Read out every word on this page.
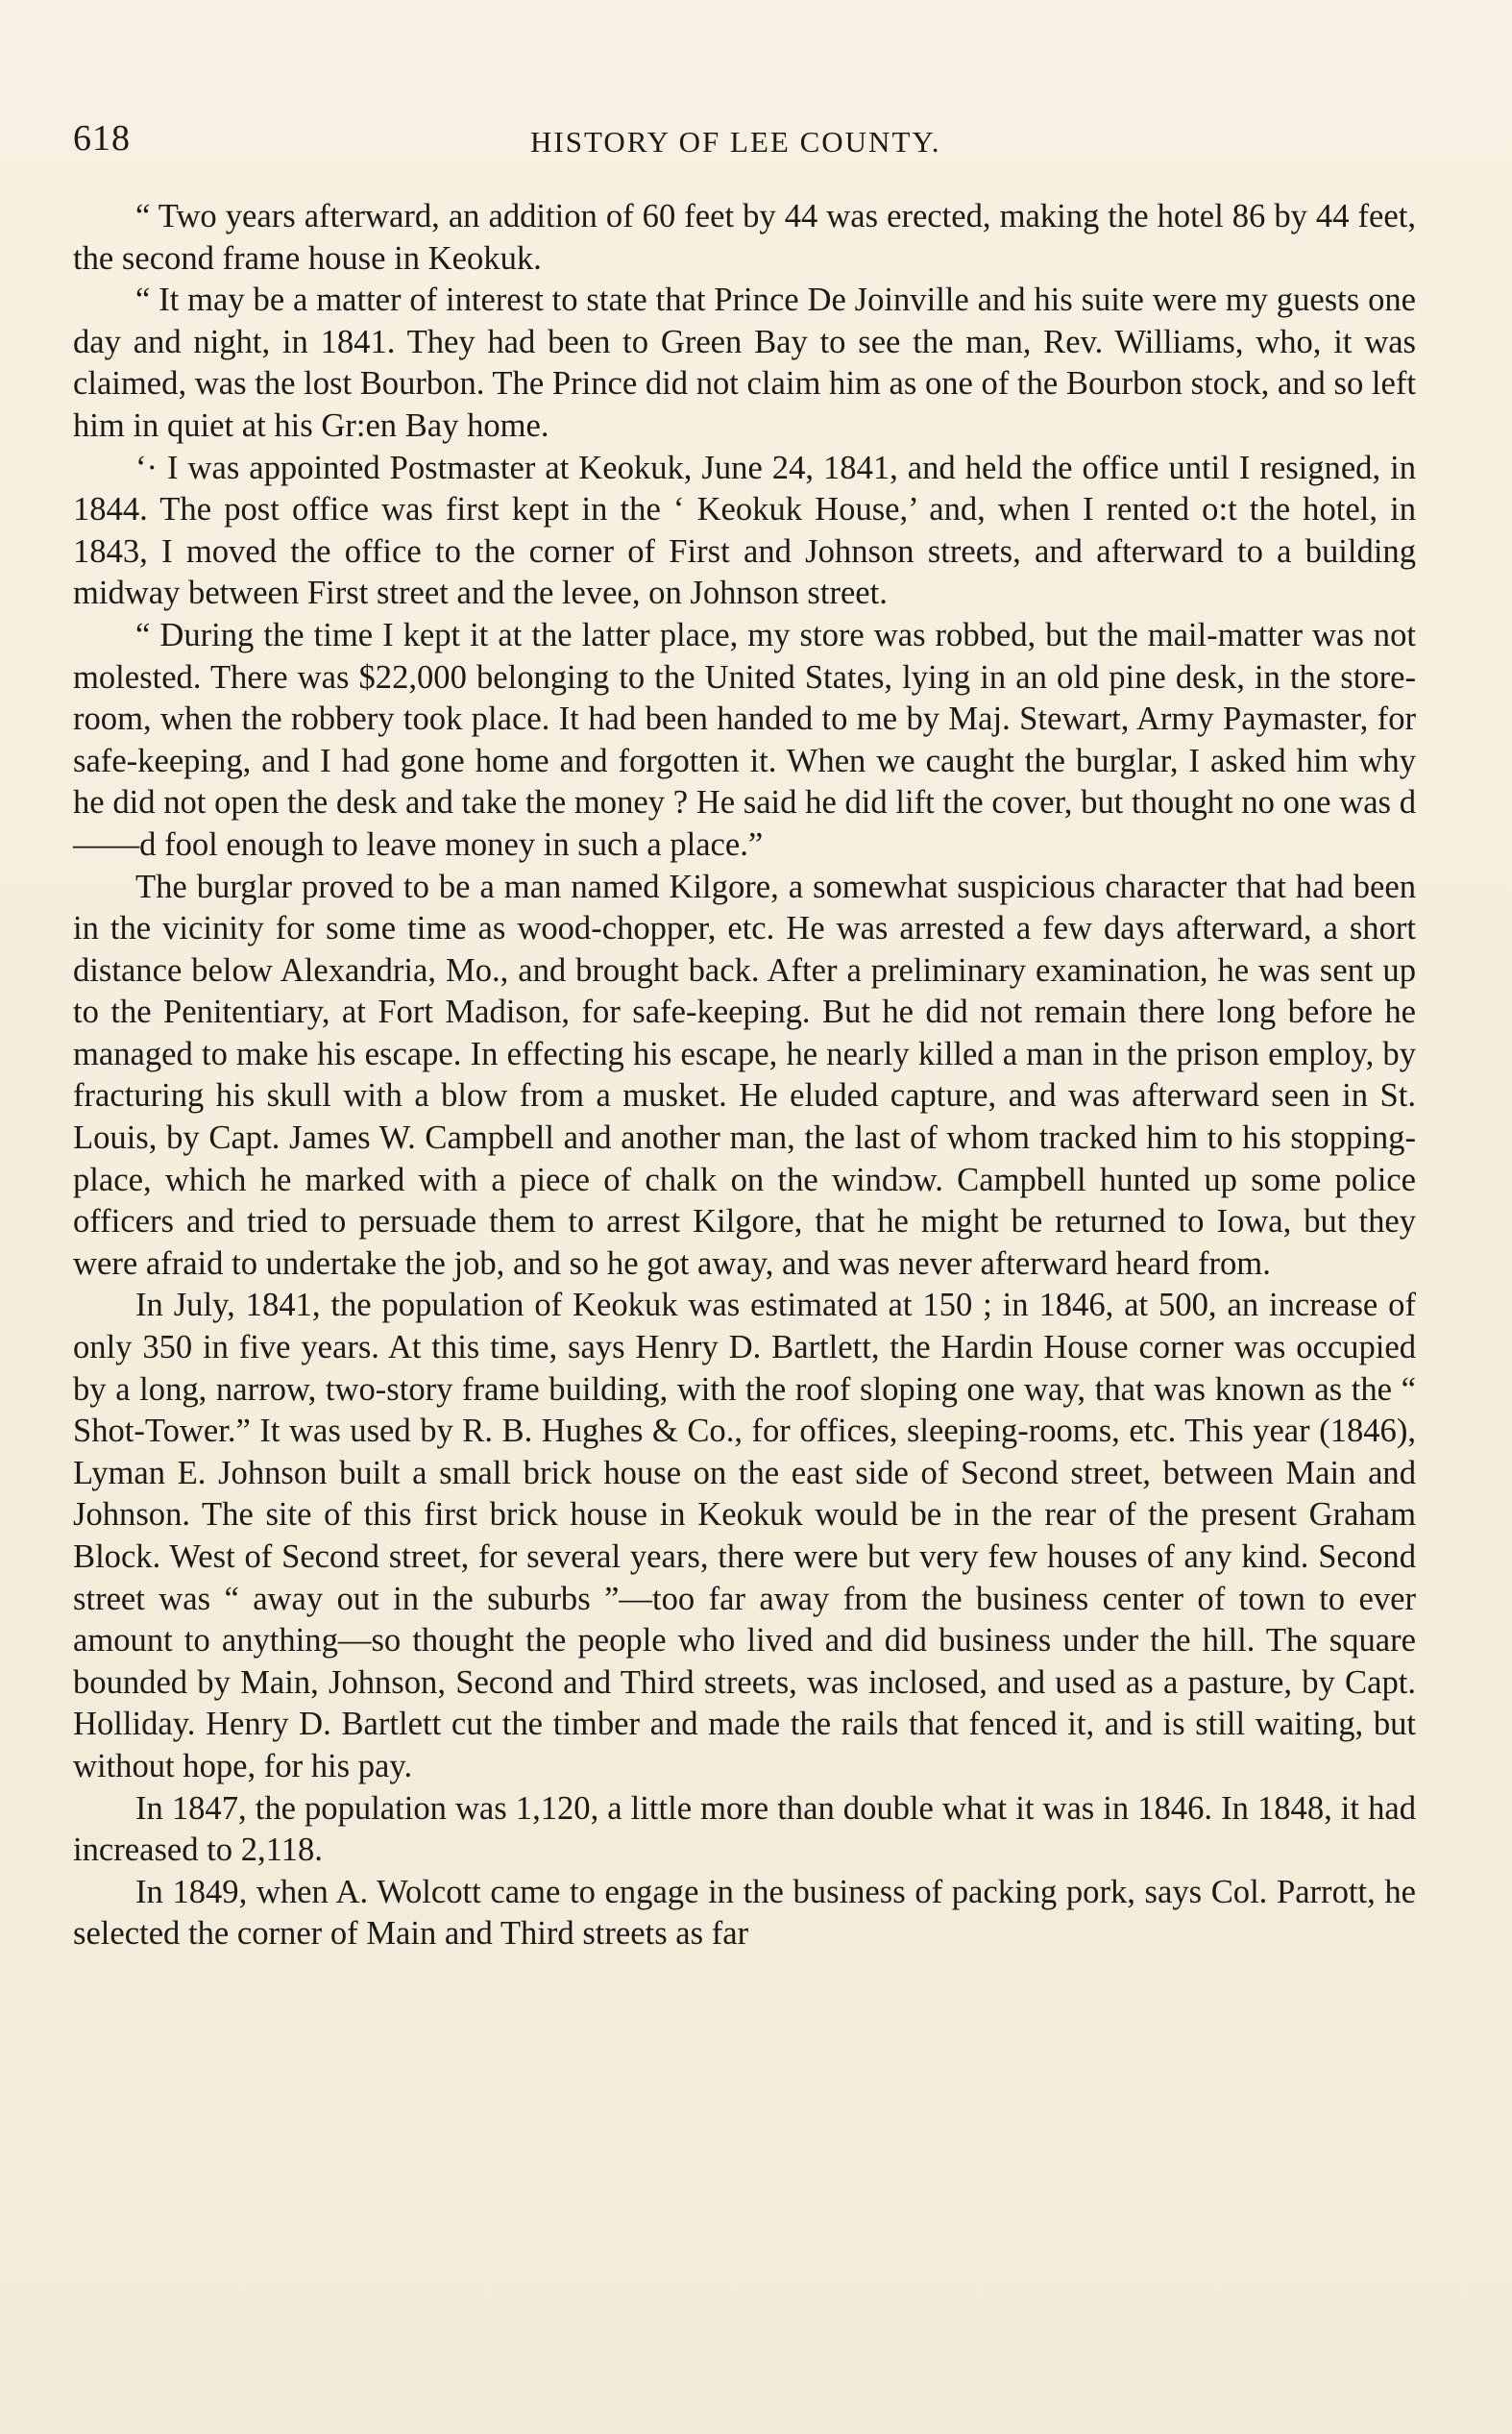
618	HISTORY OF LEE COUNTY.

“ Two years afterward, an addition of 60 feet by 44 was erected, making the hotel 86 by 44 feet, the second frame house in Keokuk.

“ It may be a matter of interest to state that Prince De Joinville and his suite were my guests one day and night, in 1841. They had been to Green Bay to see the man, Rev. Williams, who, it was claimed, was the lost Bourbon. The Prince did not claim him as one of the Bourbon stock, and so left him in quiet at his Gr:en Bay home.

‘· I was appointed Postmaster at Keokuk, June 24, 1841, and held the office until I resigned, in 1844. The post office was first kept in the ‘ Keokuk House,’ and, when I rented o:t the hotel, in 1843, I moved the office to the corner of First and Johnson streets, and afterward to a building midway between First street and the levee, on Johnson street.

“ During the time I kept it at the latter place, my store was robbed, but the mail-matter was not molested. There was $22,000 belonging to the United States, lying in an old pine desk, in the store-room, when the robbery took place. It had been handed to me by Maj. Stewart, Army Paymaster, for safe-keeping, and I had gone home and forgotten it. When we caught the burglar, I asked him why he did not open the desk and take the money ? He said he did lift the cover, but thought no one was d——d fool enough to leave money in such a place.”

The burglar proved to be a man named Kilgore, a somewhat suspicious character that had been in the vicinity for some time as wood-chopper, etc. He was arrested a few days afterward, a short distance below Alexandria, Mo., and brought back. After a preliminary examination, he was sent up to the Penitentiary, at Fort Madison, for safe-keeping. But he did not remain there long before he managed to make his escape. In effecting his escape, he nearly killed a man in the prison employ, by fracturing his skull with a blow from a musket. He eluded capture, and was afterward seen in St. Louis, by Capt. James W. Campbell and another man, the last of whom tracked him to his stopping-place, which he marked with a piece of chalk on the windɔw. Campbell hunted up some police officers and tried to persuade them to arrest Kilgore, that he might be returned to Iowa, but they were afraid to undertake the job, and so he got away, and was never afterward heard from.

In July, 1841, the population of Keokuk was estimated at 150 ; in 1846, at 500, an increase of only 350 in five years. At this time, says Henry D. Bartlett, the Hardin House corner was occupied by a long, narrow, two-story frame building, with the roof sloping one way, that was known as the “ Shot-Tower.” It was used by R. B. Hughes & Co., for offices, sleeping-rooms, etc. This year (1846), Lyman E. Johnson built a small brick house on the east side of Second street, between Main and Johnson. The site of this first brick house in Keokuk would be in the rear of the present Graham Block. West of Second street, for several years, there were but very few houses of any kind. Second street was “ away out in the suburbs ”—too far away from the business center of town to ever amount to anything—so thought the people who lived and did business under the hill. The square bounded by Main, Johnson, Second and Third streets, was inclosed, and used as a pasture, by Capt. Holliday. Henry D. Bartlett cut the timber and made the rails that fenced it, and is still waiting, but without hope, for his pay.

In 1847, the population was 1,120, a little more than double what it was in 1846. In 1848, it had increased to 2,118.

In 1849, when A. Wolcott came to engage in the business of packing pork, says Col. Parrott, he selected the corner of Main and Third streets as far
